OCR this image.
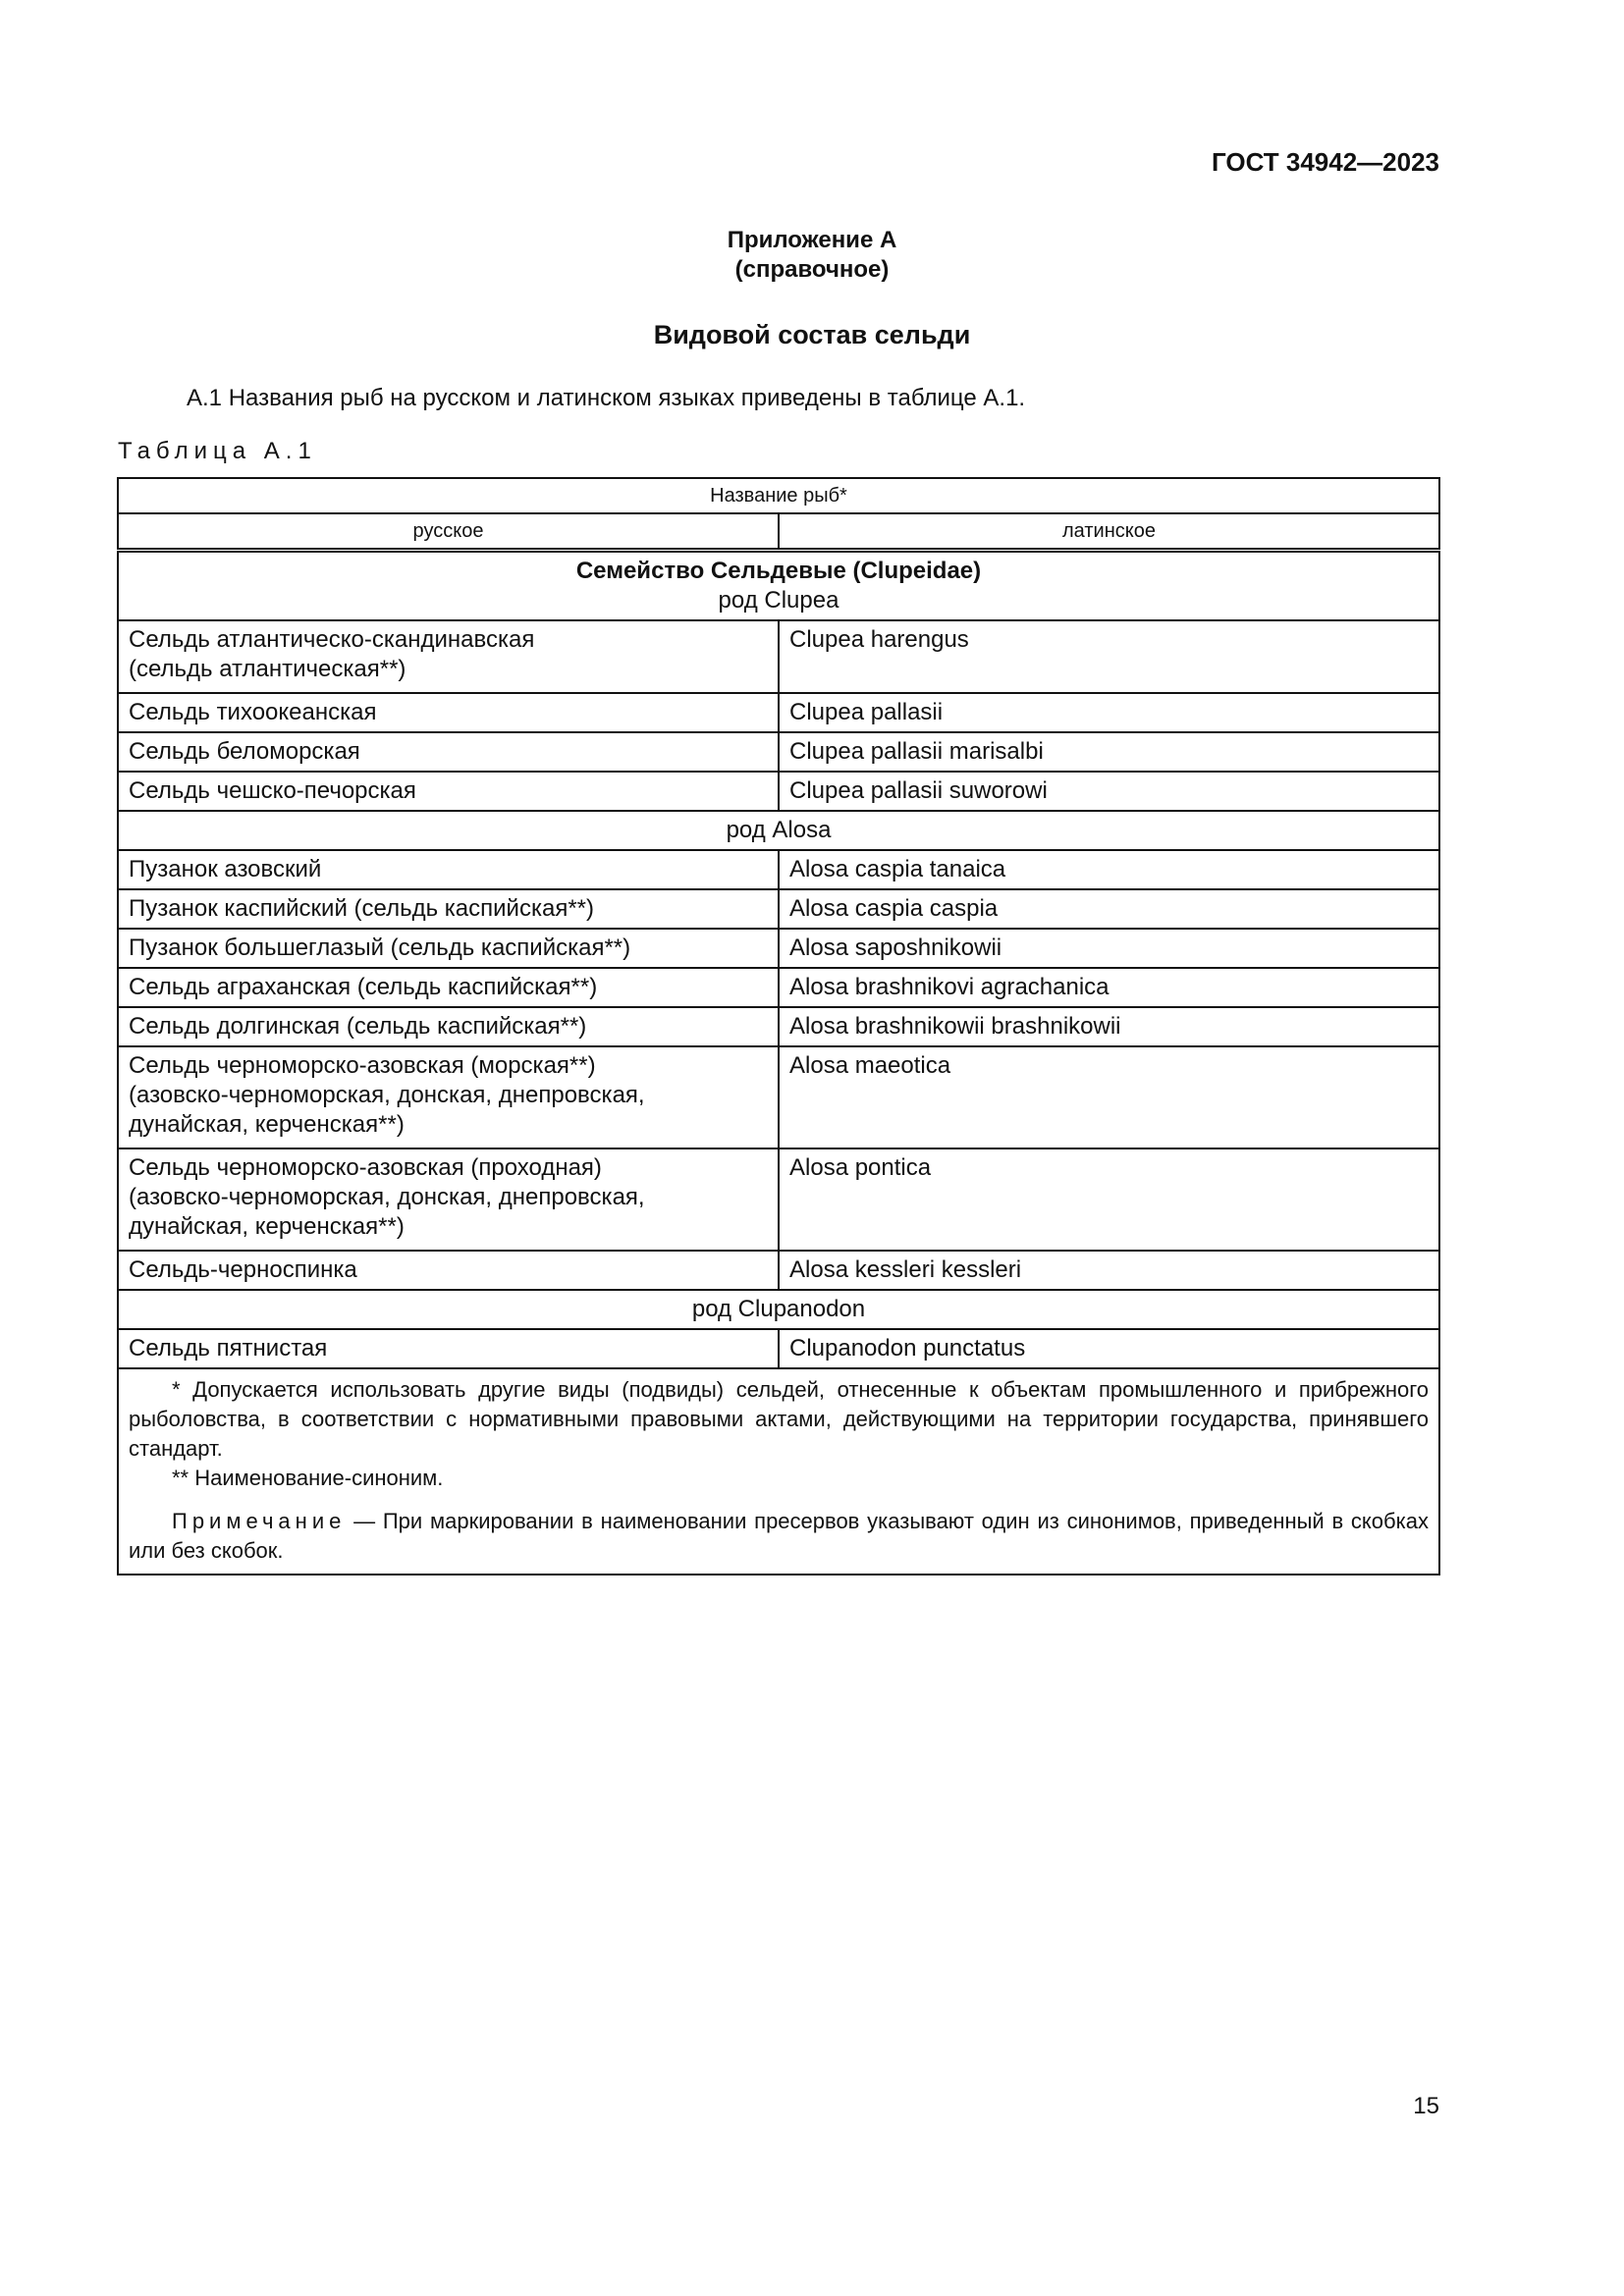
ГОСТ 34942—2023
Приложение А
(справочное)
Видовой состав сельди
А.1 Названия рыб на русском и латинском языках приведены в таблице А.1.
Таблица А.1
Название рыб*	
русское	латинское

Семейство Сельдевые (Clupeidae)
род Clupea	

Сельдь атлантическо-скандинавская
(сельдь атлантическая**)	Clupea harengus
Сельдь тихоокеанская	Clupea pallasii
Сельдь беломорская	Clupea pallasii marisalbi
Сельдь чешско-печорская	Clupea pallasii suworowi
род Alosa	
Пузанок азовский	Alosa caspia tanaica
Пузанок каспийский (сельдь каспийская**)	Alosa caspia caspia
Пузанок большеглазый (сельдь каспийская**)	Alosa saposhnikowii
Сельдь аграханская (сельдь каспийская**)	Alosa brashnikovi agrachanica
Сельдь долгинская (сельдь каспийская**)	Alosa brashnikowii brashnikowii

Сельдь черноморско-азовская (морская**)
(азовско-черноморская, донская, днепровская,
дунайская, керченская**)	Alosa maeotica

Сельдь черноморско-азовская (проходная)
(азовско-черноморская, донская, днепровская,
дунайская, керченская**)	Alosa pontica
Сельдь-черноспинка	Alosa kessleri kessleri
род Clupanodon	
Сельдь пятнистая	Clupanodon punctatus

* Допускается использовать другие виды (подвиды) сельдей, отнесенные к объектам промышленного и прибрежного рыболовства, в соответствии с нормативными правовыми актами, действующими на территории государства, принявшего стандарт.

** Наименование-синоним.

Примечание — При маркировании в наименовании пресервов указывают один из синонимов, приведенный в скобках или без скобок.	

15
